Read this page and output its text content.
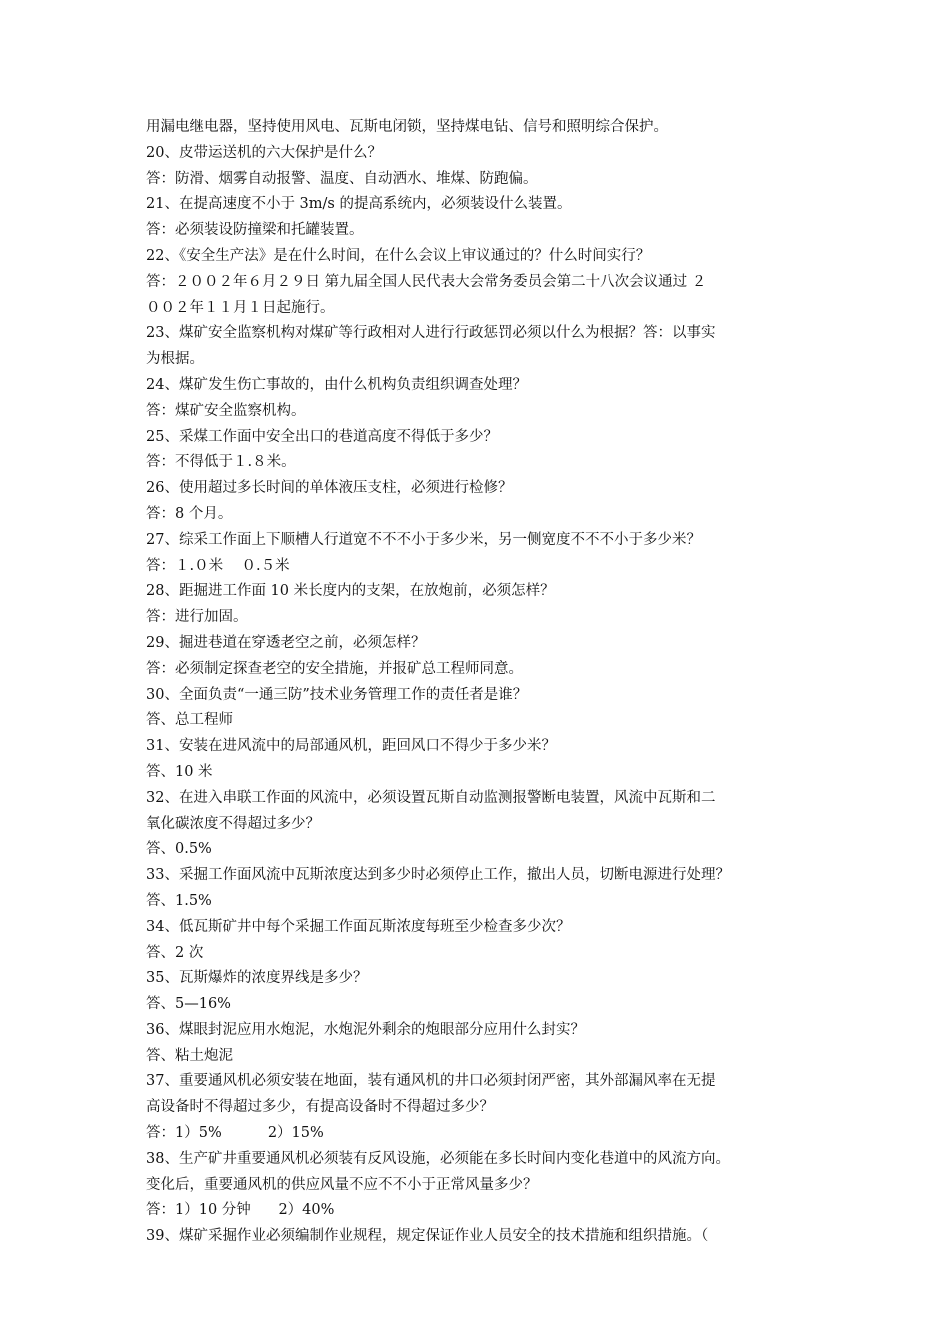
用漏电继电器，坚持使用风电、瓦斯电闭锁，坚持煤电钻、信号和照明综合保护。
20、皮带运送机的六大保护是什么？
答：防滑、烟雾自动报警、温度、自动洒水、堆煤、防跑偏。
21、在提高速度不小于 3m/s 的提高系统内，必须装设什么装置。
答：必须装设防撞梁和托罐装置。
22、《安全生产法》是在什么时间，在什么会议上审议通过的？什么时间实行？
答：２００２年６月２９日 第九届全国人民代表大会常务委员会第二十八次会议通过 ２
００２年１１月１日起施行。
23、煤矿安全监察机构对煤矿等行政相对人进行行政惩罚必须以什么为根据？答：以事实
为根据。
24、煤矿发生伤亡事故的，由什么机构负责组织调查处理？
答：煤矿安全监察机构。
25、采煤工作面中安全出口的巷道高度不得低于多少？
答：不得低于１.８米。
26、使用超过多长时间的单体液压支柱，必须进行检修？
答：8 个月。
27、综采工作面上下顺槽人行道宽不不不小于多少米，另一侧宽度不不不小于多少米？
答：１.０米    ０.５米
28、距掘进工作面 10 米长度内的支架，在放炮前，必须怎样？
答：进行加固。
29、掘进巷道在穿透老空之前，必须怎样？
答：必须制定探查老空的安全措施，并报矿总工程师同意。
30、全面负责“一通三防”技术业务管理工作的责任者是谁？
答、总工程师
31、安装在进风流中的局部通风机，距回风口不得少于多少米？
答、10 米
32、在进入串联工作面的风流中，必须设置瓦斯自动监测报警断电装置，风流中瓦斯和二
氧化碳浓度不得超过多少？
答、0.5%
33、采掘工作面风流中瓦斯浓度达到多少时必须停止工作，撤出人员，切断电源进行处理？
答、1.5%
34、低瓦斯矿井中每个采掘工作面瓦斯浓度每班至少检查多少次？
答、2 次
35、瓦斯爆炸的浓度界线是多少？
答、5—16%
36、煤眼封泥应用水炮泥，水炮泥外剩余的炮眼部分应用什么封实？
答、粘土炮泥
37、重要通风机必须安装在地面，装有通风机的井口必须封闭严密，其外部漏风率在无提
高设备时不得超过多少，有提高设备时不得超过多少？
答：1）5%          2）15%
38、生产矿井重要通风机必须装有反风设施，必须能在多长时间内变化巷道中的风流方向。
变化后，重要通风机的供应风量不应不不小于正常风量多少？
答：1）10 分钟      2）40%
39、煤矿采掘作业必须编制作业规程，规定保证作业人员安全的技术措施和组织措施。（
